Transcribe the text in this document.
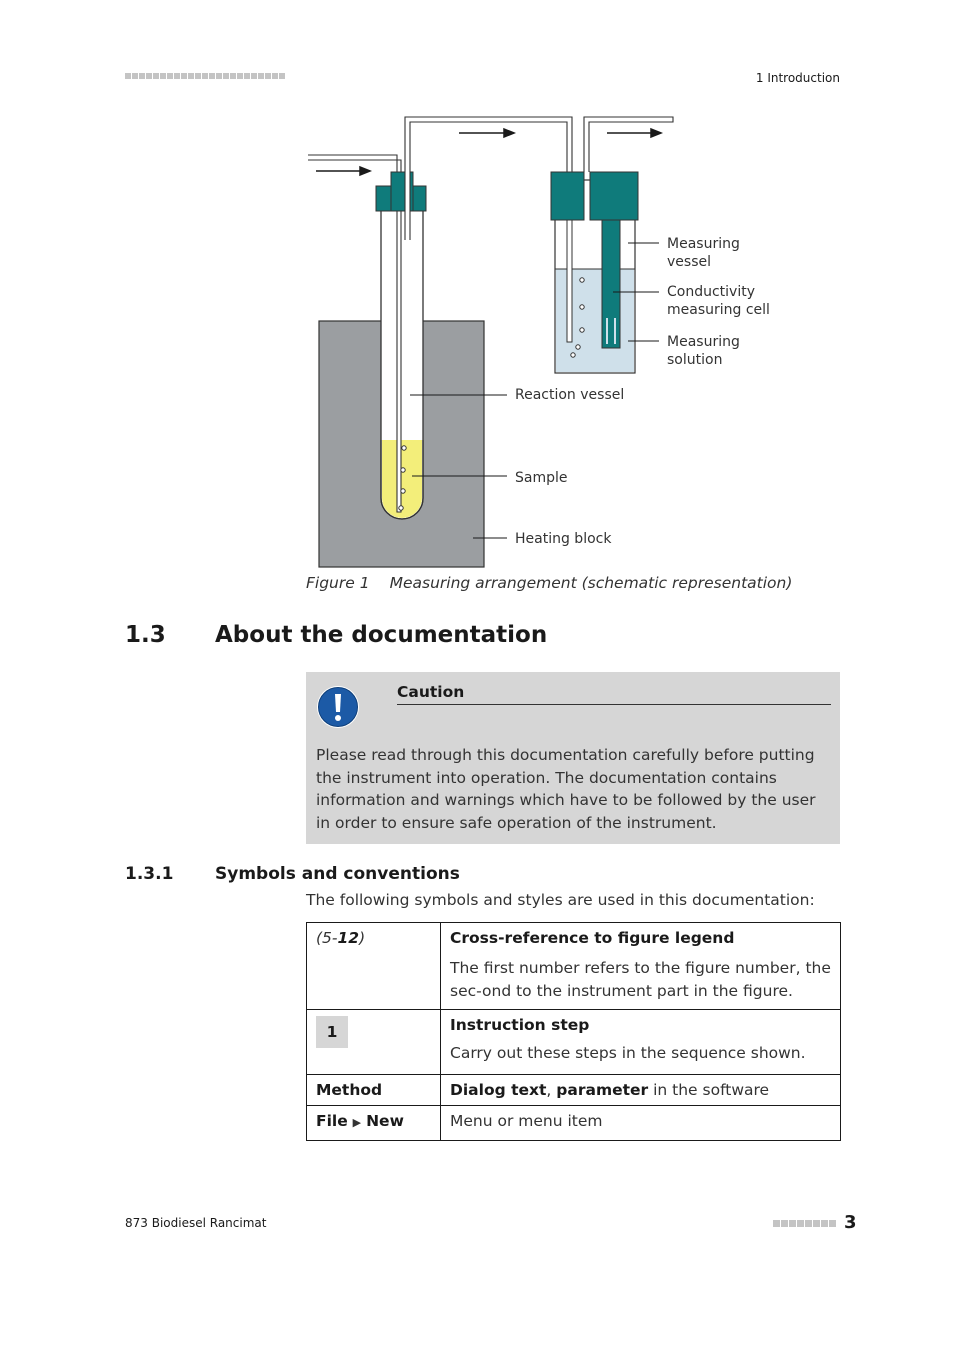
1 Introduction
Measuring
vessel
Conductivity
measuring cell
Measuring
solution
Reaction vessel
Sample
Heating block
Figure 1 Measuring arrangement (schematic representation)
1.3 About the documentation
Caution
Please read through this documentation carefully before putting the instrument into operation. The documentation contains information and warnings which have to be followed by the user in order to ensure safe operation of the instrument.
1.3.1 Symbols and conventions
The following symbols and styles are used in this documentation:
(5-12)	Cross-reference to figure legend
The first number refers to the figure number, the sec-ond to the instrument part in the figure.

1	Instruction step
Carry out these steps in the sequence shown.

Method	Dialog text, parameter in the software
File ▶ New	Menu or menu item
873 Biodiesel Rancimat	3
